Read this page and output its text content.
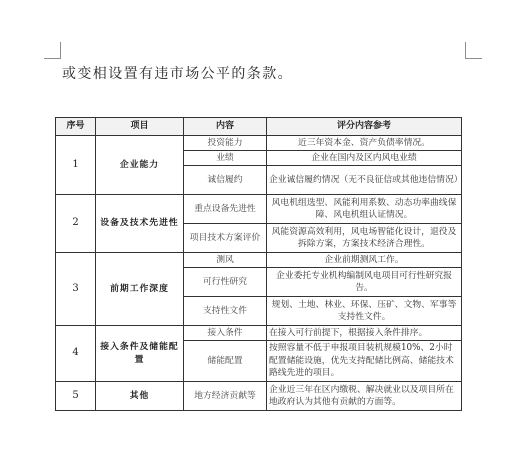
或变相设置有违市场公平的条款。
序号	项目	内容	评分内容参考
1	企业能力	投资能力	近三年资本金、资产负债率情况。
		业绩	企业在国内及区内风电业绩
		诚信履约	企业诚信履约情况（无不良征信或其他违信情况）
2	设备及技术先进性	重点设备先进性	风电机组选型、风能利用系数、动态功率曲线保障、风电机组认证情况。
		项目技术方案评价	风能资源高效利用，风电场智能化设计，退役及拆除方案，方案技术经济合理性。
3	前期工作深度	测风	企业前期测风工作。
		可行性研究	企业委托专业机构编制风电项目可行性研究报告。
		支持性文件	规划、土地、林业、环保、压矿、文物、军事等支持性文件。
4	接入条件及储能配置	接入条件	在接入可行前提下，根据接入条件排序。
		储能配置	按照容量不低于申报项目装机规模10%、2小时配置储能设施，优先支持配储比例高、储能技术路线先进的项目。
5	其他	地方经济贡献等	企业近三年在区内缴税、解决就业以及项目所在地政府认为其他有贡献的方面等。
